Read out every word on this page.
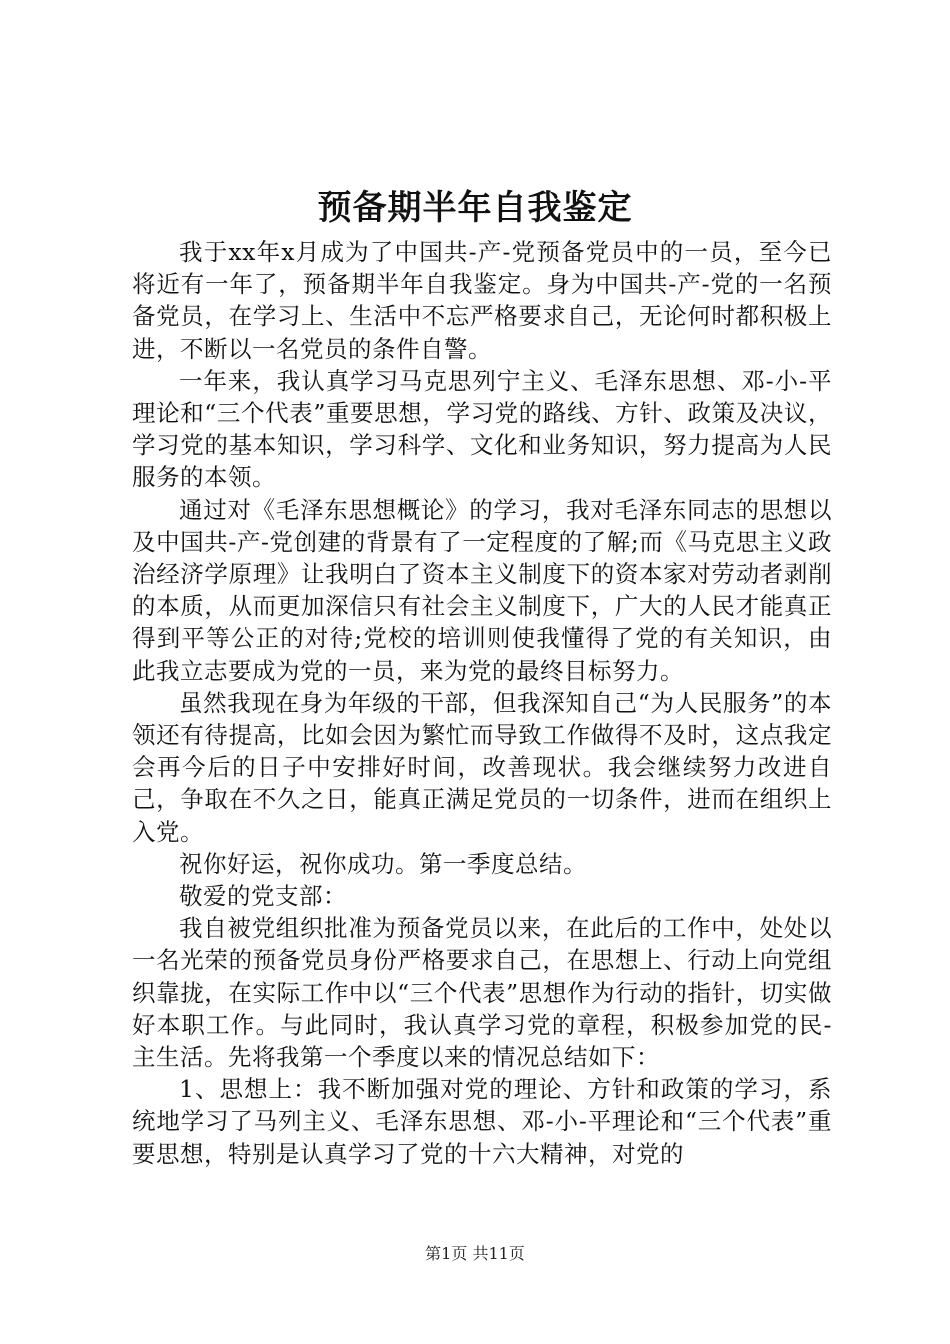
预备期半年自我鉴定

我于xx年x月成为了中国共-产-党预备党员中的一员，至今已将近有一年了，预备期半年自我鉴定。身为中国共-产-党的一名预备党员，在学习上、生活中不忘严格要求自己，无论何时都积极上进，不断以一名党员的条件自警。

一年来，我认真学习马克思列宁主义、毛泽东思想、邓-小-平理论和“三个代表”重要思想，学习党的路线、方针、政策及决议，学习党的基本知识，学习科学、文化和业务知识，努力提高为人民服务的本领。

通过对《毛泽东思想概论》的学习，我对毛泽东同志的思想以及中国共-产-党创建的背景有了一定程度的了解;而《马克思主义政治经济学原理》让我明白了资本主义制度下的资本家对劳动者剥削的本质，从而更加深信只有社会主义制度下，广大的人民才能真正得到平等公正的对待;党校的培训则使我懂得了党的有关知识，由此我立志要成为党的一员，来为党的最终目标努力。

虽然我现在身为年级的干部，但我深知自己“为人民服务”的本领还有待提高，比如会因为繁忙而导致工作做得不及时，这点我定会再今后的日子中安排好时间，改善现状。我会继续努力改进自己，争取在不久之日，能真正满足党员的一切条件，进而在组织上入党。

祝你好运，祝你成功。第一季度总结。

敬爱的党支部：

我自被党组织批准为预备党员以来，在此后的工作中，处处以一名光荣的预备党员身份严格要求自己，在思想上、行动上向党组织靠拢，在实际工作中以“三个代表”思想作为行动的指针，切实做好本职工作。与此同时，我认真学习党的章程，积极参加党的民-主生活。先将我第一个季度以来的情况总结如下：

1、思想上：我不断加强对党的理论、方针和政策的学习，系统地学习了马列主义、毛泽东思想、邓-小-平理论和“三个代表”重要思想，特别是认真学习了党的十六大精神，对党的

第1页 共11页
